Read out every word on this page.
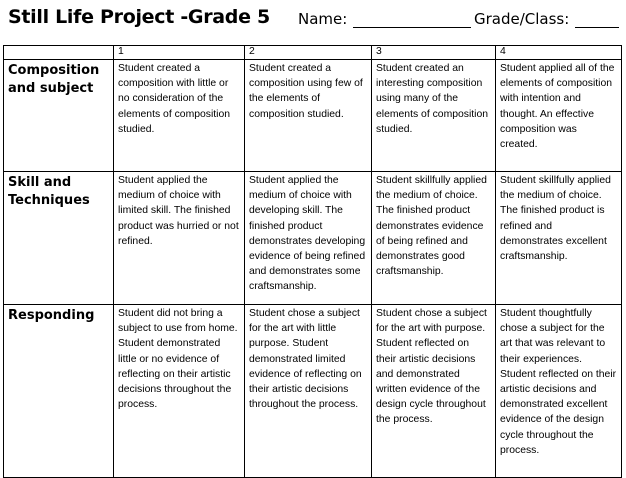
Still Life Project -Grade 5 Name:	Grade/Class:
	1	2	3	4
Composition and subject	Student created a composition with little or no consideration of the elements of composition studied.	Student created a composition using few of the elements of composition studied.	Student created an interesting composition using many of the elements of composition studied.	Student applied all of the elements of composition with intention and thought. An effective composition was created.
Skill and Techniques	Student applied the medium of choice with limited skill. The finished product was hurried or not refined.	Student applied the medium of choice with developing skill. The finished product demonstrates developing evidence of being refined and demonstrates some craftsmanship.	Student skillfully applied the medium of choice. The finished product demonstrates evidence of being refined and demonstrates good craftsmanship.	Student skillfully applied the medium of choice. The finished product is refined and demonstrates excellent craftsmanship.
Responding	Student did not bring a subject to use from home. Student demonstrated little or no evidence of reflecting on their artistic decisions throughout the process.	Student chose a subject for the art with little purpose. Student demonstrated limited evidence of reflecting on their artistic decisions throughout the process.	Student chose a subject for the art with purpose. Student reflected on their artistic decisions and demonstrated written evidence of the design cycle throughout the process.	Student thoughtfully chose a subject for the art that was relevant to their experiences. Student reflected on their artistic decisions and demonstrated excellent evidence of the design cycle throughout the process.
